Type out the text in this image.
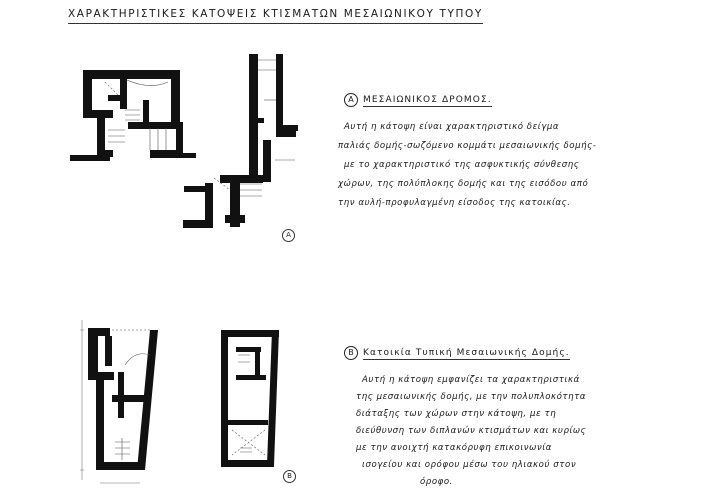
ΧΑΡΑΚΤΗΡΙΣΤΙΚΕΣ ΚΑΤΟΨΕΙΣ ΚΤΙΣΜΑΤΩΝ ΜΕΣΑΙΩΝΙΚΟΥ ΤΥΠΟΥ
A
B
A ΜΕΣΑΙΩΝΙΚΟΣ ΔΡΟΜΟΣ.
Αυτή η κάτοψη είναι χαρακτηριστικό δείγμα
παλιάς δομής-σωζόμενο κομμάτι μεσαιωνικής δομής-
με το χαρακτηριστικό της ασφυκτικής σύνθεσης
χώρων, της πολύπλοκης δομής και της εισόδου από
την αυλή-προφυλαγμένη είσοδος της κατοικίας.
B Κατοικία Τυπική Μεσαιωνικής Δομής.
Αυτή η κάτοψη εμφανίζει τα χαρακτηριστικά
της μεσαιωνικής δομής, με την πολυπλοκότητα
διάταξης των χώρων στην κάτοψη, με τη
διεύθυνση των διπλανών κτισμάτων και κυρίως
με την ανοιχτή κατακόρυφη επικοινωνία
ισογείου και ορόφου μέσω του ηλιακού στον
όροφο.
